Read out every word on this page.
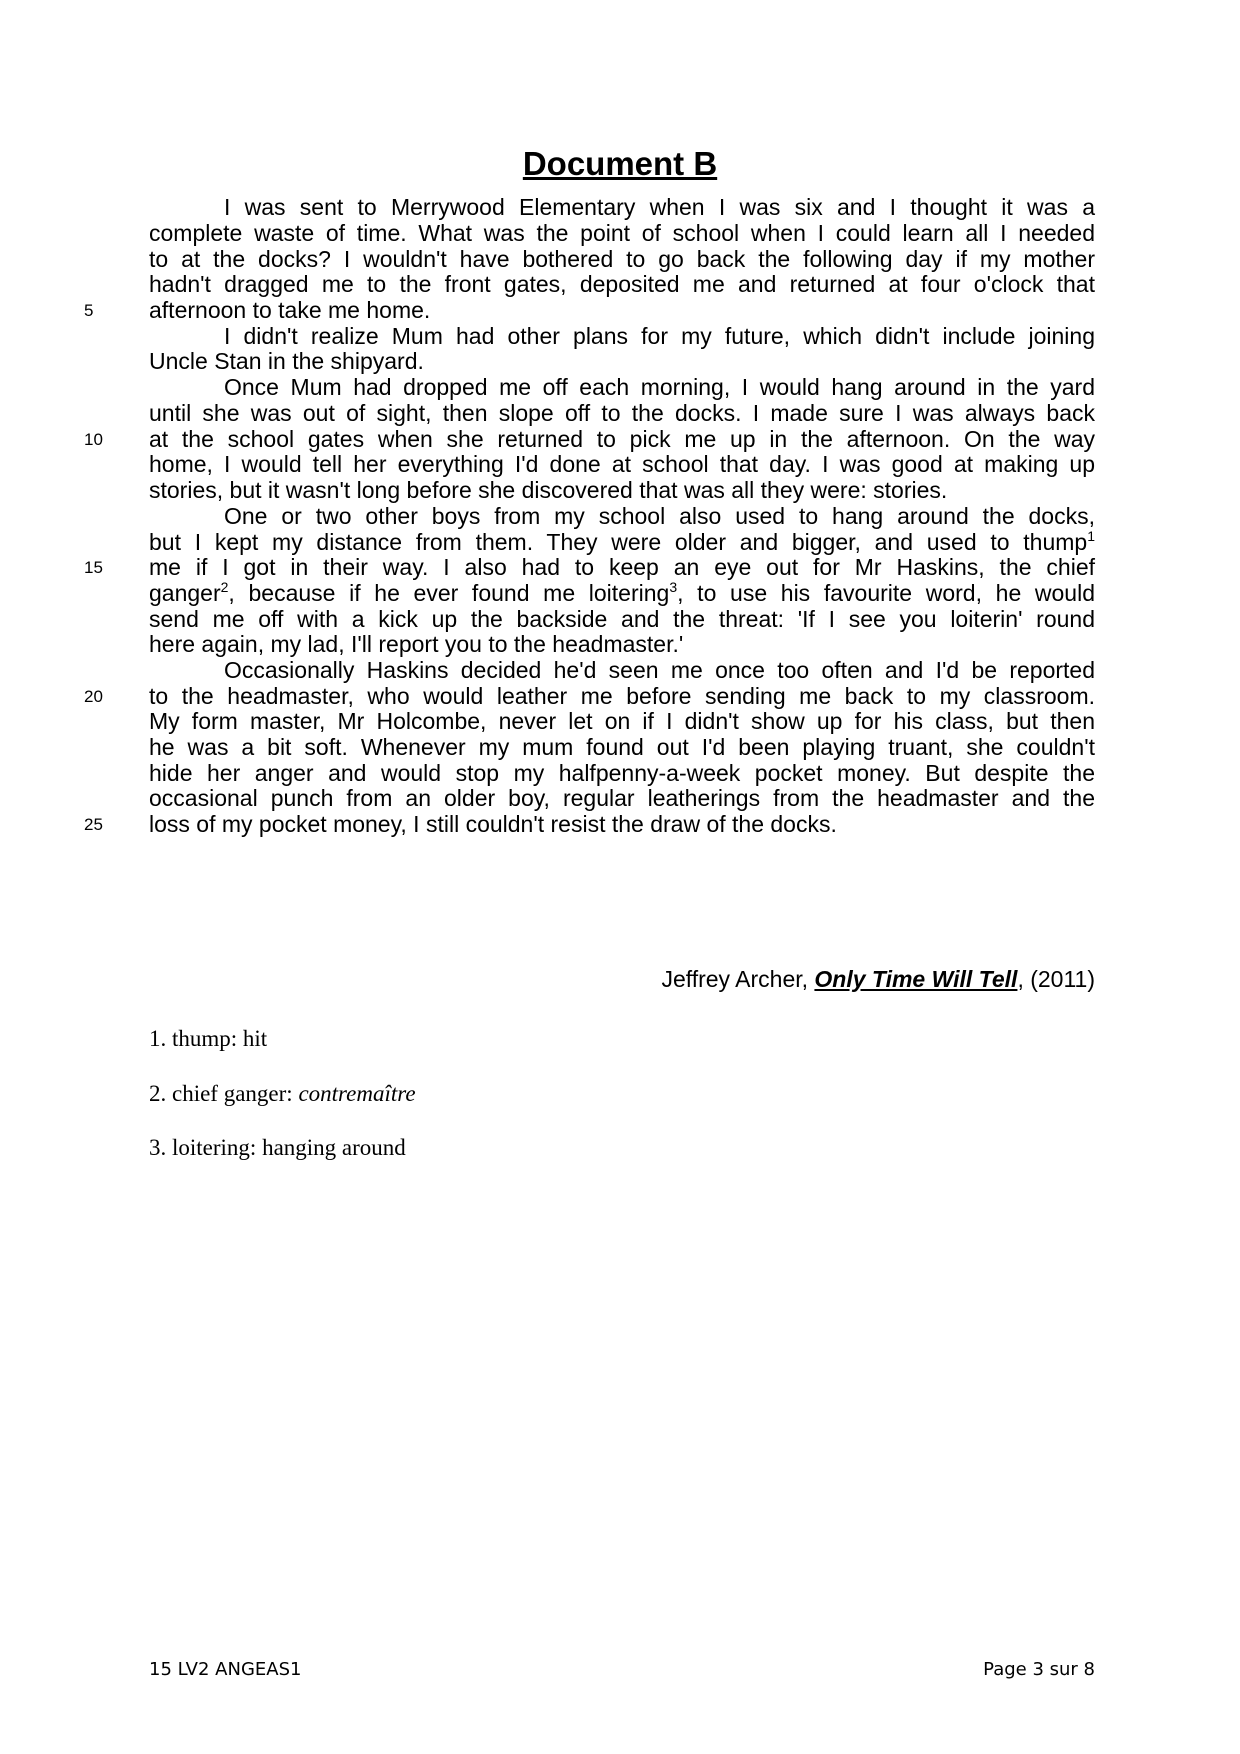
Document B
I was sent to Merrywood Elementary when I was six and I thought it was a
complete waste of time. What was the point of school when I could learn all I needed
to at the docks? I wouldn't have bothered to go back the following day if my mother
hadn't dragged me to the front gates, deposited me and returned at four o'clock that
afternoon to take me home.
I didn't realize Mum had other plans for my future, which didn't include joining
Uncle Stan in the shipyard.
Once Mum had dropped me off each morning, I would hang around in the yard
until she was out of sight, then slope off to the docks. I made sure I was always back
at the school gates when she returned to pick me up in the afternoon. On the way
home, I would tell her everything I'd done at school that day. I was good at making up
stories, but it wasn't long before she discovered that was all they were: stories.
One or two other boys from my school also used to hang around the docks,
but I kept my distance from them. They were older and bigger, and used to thump$^1$
me if I got in their way. I also had to keep an eye out for Mr Haskins, the chief
ganger$^2$, because if he ever found me loitering$^3$, to use his favourite word, he would
send me off with a kick up the backside and the threat: 'If I see you loiterin' round
here again, my lad, I'll report you to the headmaster.'
Occasionally Haskins decided he'd seen me once too often and I'd be reported
to the headmaster, who would leather me before sending me back to my classroom.
My form master, Mr Holcombe, never let on if I didn't show up for his class, but then
he was a bit soft. Whenever my mum found out I'd been playing truant, she couldn't
hide her anger and would stop my halfpenny-a-week pocket money. But despite the
occasional punch from an older boy, regular leatherings from the headmaster and the
loss of my pocket money, I still couldn't resist the draw of the docks.
5
10
15
20
25
Jeffrey Archer, Only Time Will Tell, (2011)
1. thump: hit
2. chief ganger: contremaître
3. loitering: hanging around
15 LV2 ANGEAS1	Page 3 sur 8
